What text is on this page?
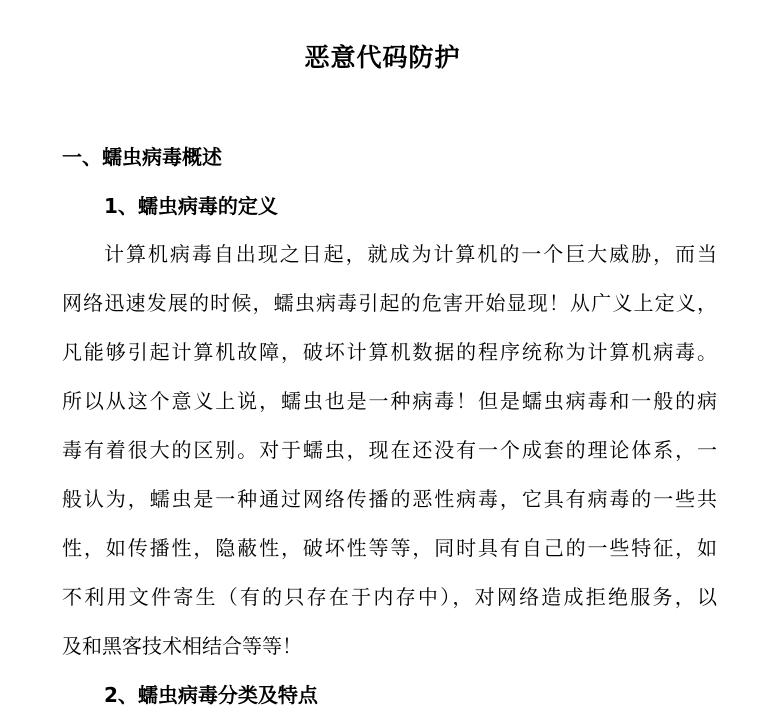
恶意代码防护
一、蠕虫病毒概述
1、蠕虫病毒的定义
计算机病毒自出现之日起，就成为计算机的一个巨大威胁，而当
网络迅速发展的时候，蠕虫病毒引起的危害开始显现！从广义上定义，
凡能够引起计算机故障，破坏计算机数据的程序统称为计算机病毒。
所以从这个意义上说，蠕虫也是一种病毒！但是蠕虫病毒和一般的病
毒有着很大的区别。对于蠕虫，现在还没有一个成套的理论体系，一
般认为，蠕虫是一种通过网络传播的恶性病毒，它具有病毒的一些共
性，如传播性，隐蔽性，破坏性等等，同时具有自己的一些特征，如
不利用文件寄生（有的只存在于内存中），对网络造成拒绝服务，以
及和黑客技术相结合等等！
2、蠕虫病毒分类及特点
